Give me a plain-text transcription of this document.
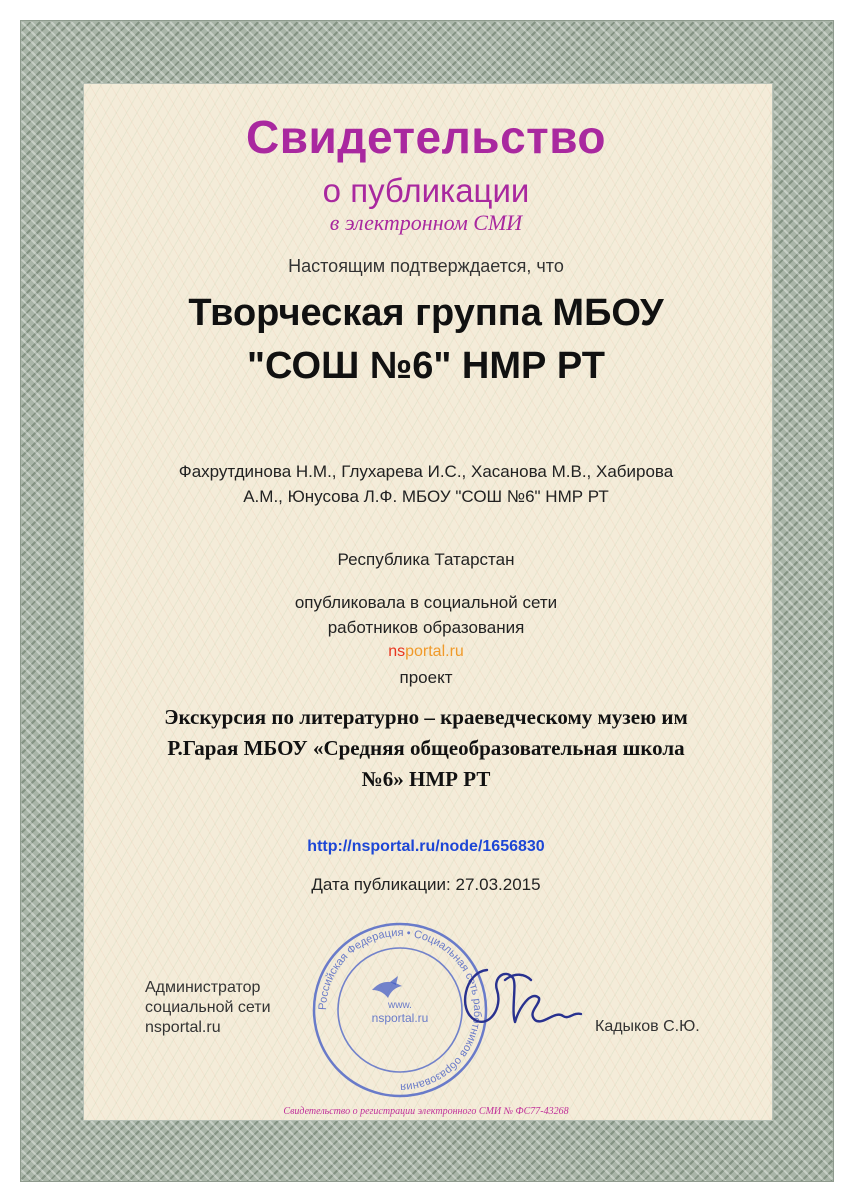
Свидетельство
о публикации
в электронном СМИ
Настоящим подтверждается, что
Творческая группа МБОУ "СОШ №6" НМР РТ
Фахрутдинова Н.М., Глухарева И.С., Хасанова М.В., Хабирова А.М., Юнусова Л.Ф. МБОУ "СОШ №6" НМР РТ
Республика Татарстан
опубликовала в социальной сети работников образования
nsportal.ru
проект
Экскурсия по литературно – краеведческому музею им Р.Гарая МБОУ «Средняя общеобразовательная школа №6» НМР РТ
http://nsportal.ru/node/1656830
Дата публикации: 27.03.2015
Администратор
социальной сети
nsportal.ru
Российская Федерация • Социальная сеть работников образования
www.
nsportal.ru	Кадыков С.Ю.
Свидетельство о регистрации электронного СМИ № ФС77-43268
